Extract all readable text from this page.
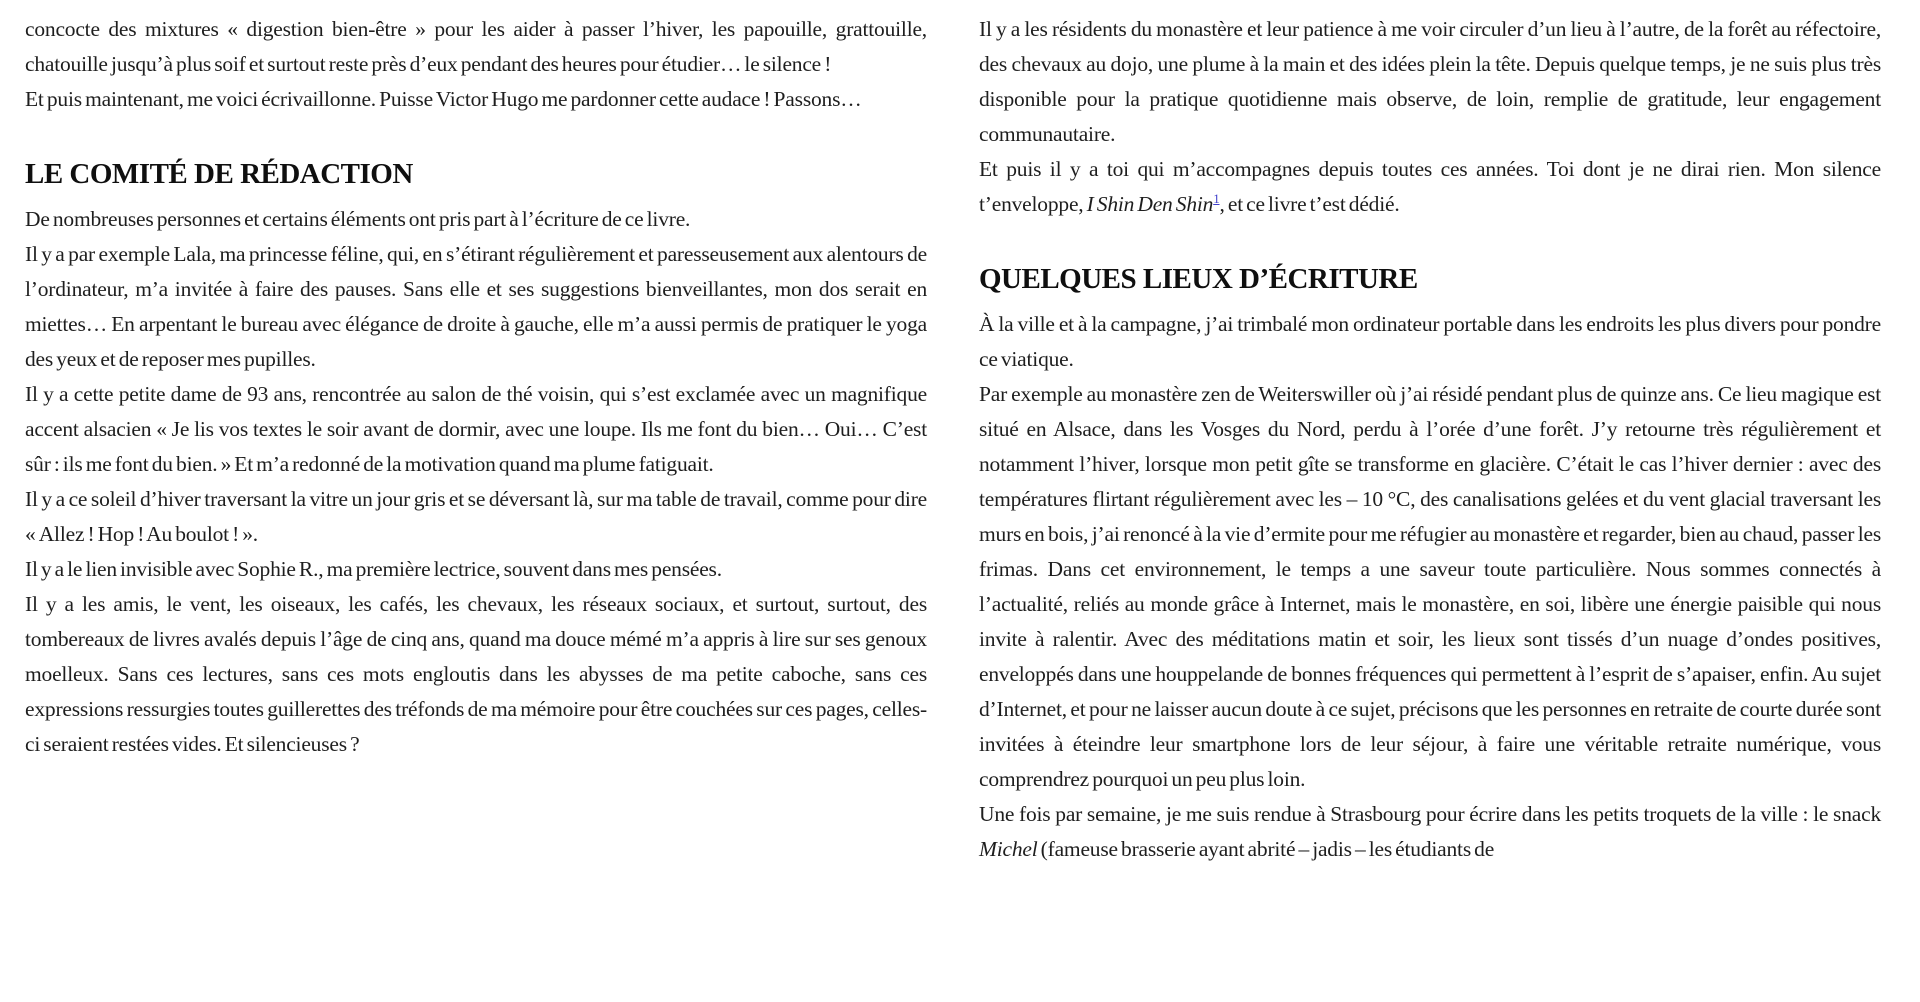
concocte des mixtures « digestion bien-être » pour les aider à passer l’hiver, les papouille, grattouille, chatouille jusqu’à plus soif et surtout reste près d’eux pendant des heures pour étudier… le silence !

Et puis maintenant, me voici écrivaillonne. Puisse Victor Hugo me pardonner cette audace ! Passons…

LE COMITÉ DE RÉDACTION

De nombreuses personnes et certains éléments ont pris part à l’écriture de ce livre.

Il y a par exemple Lala, ma princesse féline, qui, en s’étirant régulièrement et paresseusement aux alentours de l’ordinateur, m’a invitée à faire des pauses. Sans elle et ses suggestions bienveillantes, mon dos serait en miettes… En arpentant le bureau avec élégance de droite à gauche, elle m’a aussi permis de pratiquer le yoga des yeux et de reposer mes pupilles.

Il y a cette petite dame de 93 ans, rencontrée au salon de thé voisin, qui s’est exclamée avec un magnifique accent alsacien « Je lis vos textes le soir avant de dormir, avec une loupe. Ils me font du bien… Oui… C’est sûr : ils me font du bien. » Et m’a redonné de la motivation quand ma plume fatiguait.

Il y a ce soleil d’hiver traversant la vitre un jour gris et se déversant là, sur ma table de travail, comme pour dire « Allez ! Hop ! Au boulot ! ».

Il y a le lien invisible avec Sophie R., ma première lectrice, souvent dans mes pensées.

Il y a les amis, le vent, les oiseaux, les cafés, les chevaux, les réseaux sociaux, et surtout, surtout, des tombereaux de livres avalés depuis l’âge de cinq ans, quand ma douce mémé m’a appris à lire sur ses genoux moelleux. Sans ces lectures, sans ces mots engloutis dans les abysses de ma petite caboche, sans ces expressions ressurgies toutes guillerettes des tréfonds de ma mémoire pour être couchées sur ces pages, celles-ci seraient restées vides. Et silencieuses ?

Il y a les résidents du monastère et leur patience à me voir circuler d’un lieu à l’autre, de la forêt au réfectoire, des chevaux au dojo, une plume à la main et des idées plein la tête. Depuis quelque temps, je ne suis plus très disponible pour la pratique quotidienne mais observe, de loin, remplie de gratitude, leur engagement communautaire.

Et puis il y a toi qui m’accompagnes depuis toutes ces années. Toi dont je ne dirai rien. Mon silence t’enveloppe, I Shin Den Shin$^1$, et ce livre t’est dédié.

QUELQUES LIEUX D’ÉCRITURE

À la ville et à la campagne, j’ai trimbalé mon ordinateur portable dans les endroits les plus divers pour pondre ce viatique.

Par exemple au monastère zen de Weiterswiller où j’ai résidé pendant plus de quinze ans. Ce lieu magique est situé en Alsace, dans les Vosges du Nord, perdu à l’orée d’une forêt. J’y retourne très régulièrement et notamment l’hiver, lorsque mon petit gîte se transforme en glacière. C’était le cas l’hiver dernier : avec des températures flirtant régulièrement avec les – 10 °C, des canalisations gelées et du vent glacial traversant les murs en bois, j’ai renoncé à la vie d’ermite pour me réfugier au monastère et regarder, bien au chaud, passer les frimas. Dans cet environnement, le temps a une saveur toute particulière. Nous sommes connectés à l’actualité, reliés au monde grâce à Internet, mais le monastère, en soi, libère une énergie paisible qui nous invite à ralentir. Avec des méditations matin et soir, les lieux sont tissés d’un nuage d’ondes positives, enveloppés dans une houppelande de bonnes fréquences qui permettent à l’esprit de s’apaiser, enfin. Au sujet d’Internet, et pour ne laisser aucun doute à ce sujet, précisons que les personnes en retraite de courte durée sont invitées à éteindre leur smartphone lors de leur séjour, à faire une véritable retraite numérique, vous comprendrez pourquoi un peu plus loin.

Une fois par semaine, je me suis rendue à Strasbourg pour écrire dans les petits troquets de la ville : le snack Michel (fameuse brasserie ayant abrité – jadis – les étudiants de
